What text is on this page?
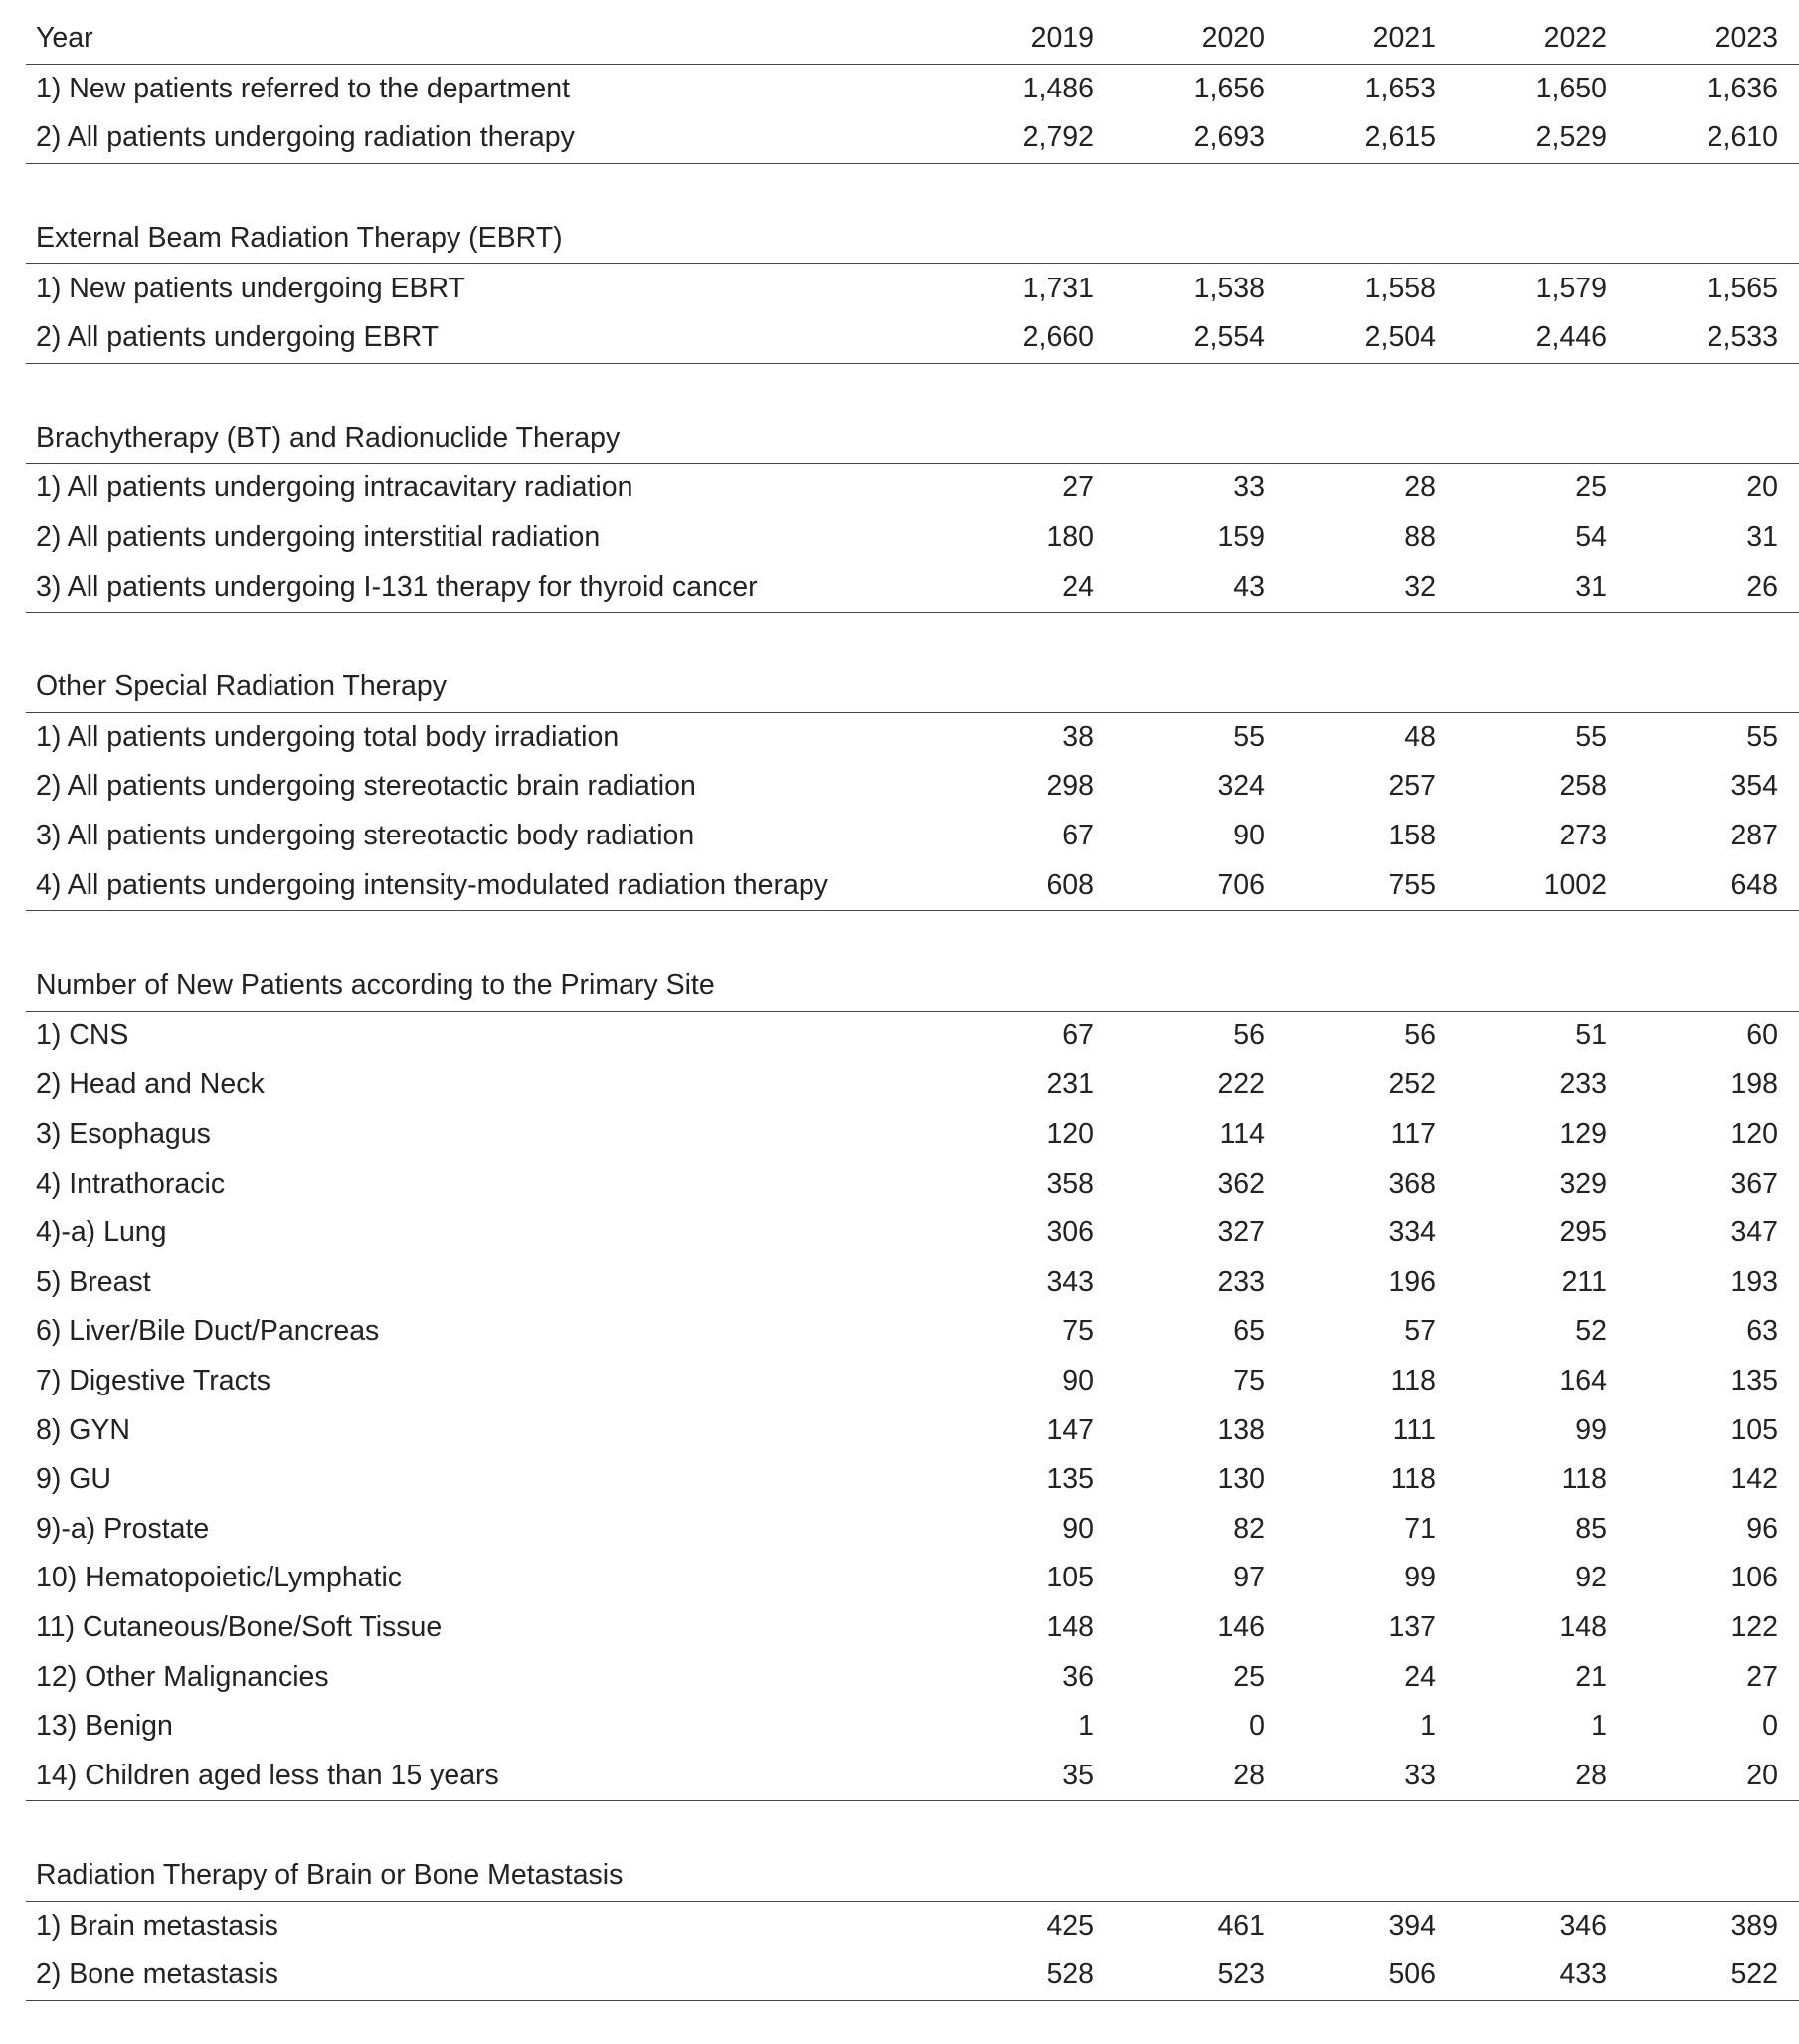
Year	2019	2020	2021	2022	2023
1) New patients referred to the department	1,486	1,656	1,653	1,650	1,636
2) All patients undergoing radiation therapy	2,792	2,693	2,615	2,529	2,610

External Beam Radiation Therapy (EBRT)					
1) New patients undergoing EBRT	1,731	1,538	1,558	1,579	1,565
2) All patients undergoing EBRT	2,660	2,554	2,504	2,446	2,533

Brachytherapy (BT) and Radionuclide Therapy					
1) All patients undergoing intracavitary radiation	27	33	28	25	20
2) All patients undergoing interstitial radiation	180	159	88	54	31
3) All patients undergoing I-131 therapy for thyroid cancer	24	43	32	31	26

Other Special Radiation Therapy					
1) All patients undergoing total body irradiation	38	55	48	55	55
2) All patients undergoing stereotactic brain radiation	298	324	257	258	354
3) All patients undergoing stereotactic body radiation	67	90	158	273	287
4) All patients undergoing intensity-modulated radiation therapy	608	706	755	1002	648

Number of New Patients according to the Primary Site					
1) CNS	67	56	56	51	60
2) Head and Neck	231	222	252	233	198
3) Esophagus	120	114	117	129	120
4) Intrathoracic	358	362	368	329	367
4)-a) Lung	306	327	334	295	347
5) Breast	343	233	196	211	193
6) Liver/Bile Duct/Pancreas	75	65	57	52	63
7) Digestive Tracts	90	75	118	164	135
8) GYN	147	138	111	99	105
9) GU	135	130	118	118	142
9)-a) Prostate	90	82	71	85	96
10) Hematopoietic/Lymphatic	105	97	99	92	106
11) Cutaneous/Bone/Soft Tissue	148	146	137	148	122
12) Other Malignancies	36	25	24	21	27
13) Benign	1	0	1	1	0
14) Children aged less than 15 years	35	28	33	28	20

Radiation Therapy of Brain or Bone Metastasis					
1) Brain metastasis	425	461	394	346	389
2) Bone metastasis	528	523	506	433	522
